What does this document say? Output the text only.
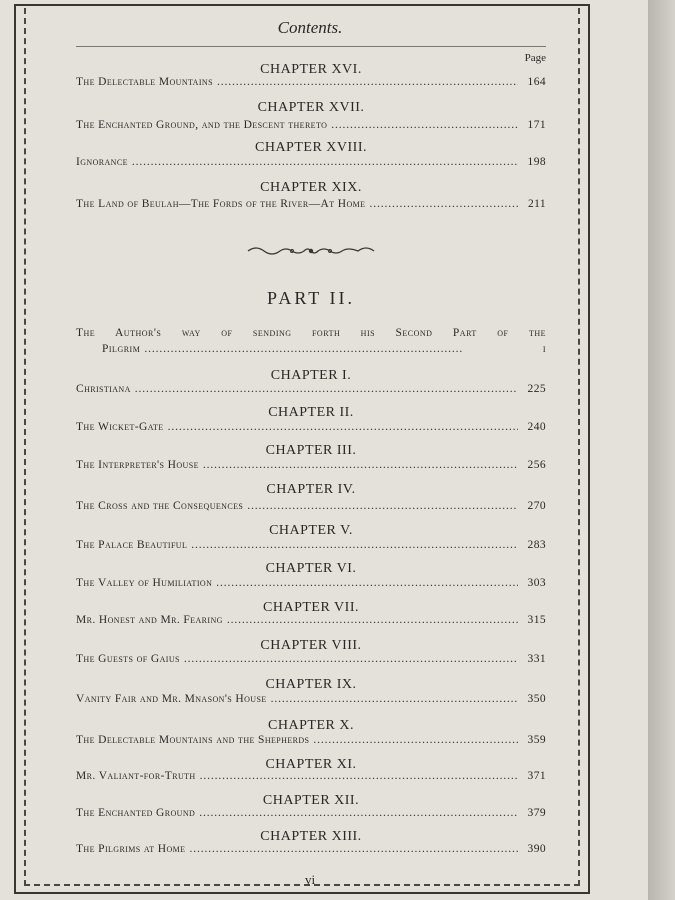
Contents.
Page
CHAPTER XVI.
The Delectable Mountains . . .	164
CHAPTER XVII.
The Enchanted Ground, and the Descent thereto . . .	171
CHAPTER XVIII.
Ignorance . . .	198
CHAPTER XIX.
The Land of Beulah—The Fords of the River—At Home . . .	211
PART II.
The Author's way of sending forth his Second Part of the
Pilgrim . . .	i
CHAPTER I.
Christiana . . .	225
CHAPTER II.
The Wicket-Gate . . .	240
CHAPTER III.
The Interpreter's House . . .	256
CHAPTER IV.
The Cross and the Consequences . . .	270
CHAPTER V.
The Palace Beautiful . . .	283
CHAPTER VI.
The Valley of Humiliation . . .	303
CHAPTER VII.
Mr. Honest and Mr. Fearing . . .	315
CHAPTER VIII.
The Guests of Gaius . . .	331
CHAPTER IX.
Vanity Fair and Mr. Mnason's House . . .	350
CHAPTER X.
The Delectable Mountains and the Shepherds . . .	359
CHAPTER XI.
Mr. Valiant-for-Truth . . .	371
CHAPTER XII.
The Enchanted Ground . . .	379
CHAPTER XIII.
The Pilgrims at Home . . .	390
vi
